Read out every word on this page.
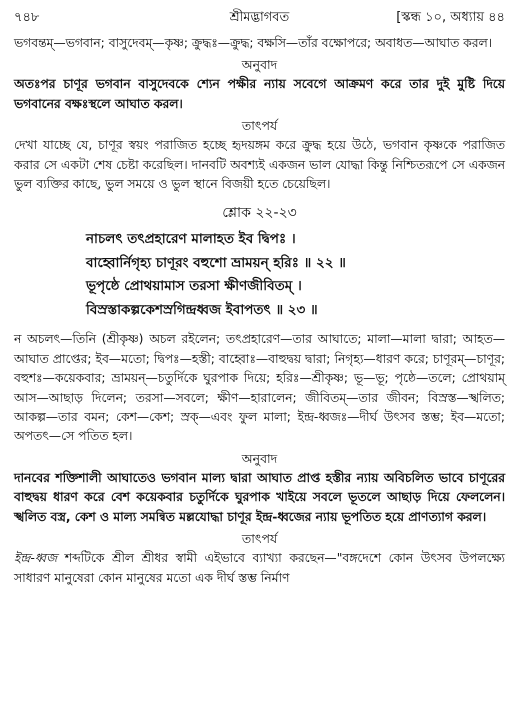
৭৪৮	শ্রীমদ্ভাগবত	[স্কন্ধ ১০, অধ্যায় ৪৪

ভগবন্তম্—ভগবান; বাসুদেবম্—কৃষ্ণ; ক্রুদ্ধঃ—ক্রুদ্ধ; বক্ষসি—তাঁর বক্ষোপরে; অবাধত—আঘাত করল।

অনুবাদ

অতঃপর চাণূর ভগবান বাসুদেবকে শ্যেন পক্ষীর ন্যায় সবেগে আক্রমণ করে তার দুই মুষ্টি দিয়ে ভগবানের বক্ষঃস্থলে আঘাত করল।

তাৎপর্য

দেখা যাচ্ছে যে, চাণূর স্বয়ং পরাজিত হচ্ছে হৃদয়ঙ্গম করে ক্রুদ্ধ হয়ে উঠে, ভগবান কৃষ্ণকে পরাজিত করার সে একটা শেষ চেষ্টা করেছিল। দানবটি অবশ্যই একজন ভাল যোদ্ধা কিন্তু নিশ্চিতরূপে সে একজন ভুল ব্যক্তির কাছে, ভুল সময়ে ও ভুল স্থানে বিজয়ী হতে চেয়েছিল।

শ্লোক ২২-২৩
নাচলৎ তৎপ্রহারেণ মালাহত ইব দ্বিপঃ ।
বাহ্বোর্নিগৃহ্য চাণূরং বহুশো ভ্রাময়ন্ হরিঃ ॥ ২২ ॥
ভূপৃষ্ঠে প্রোথয়ামাস তরসা ক্ষীণজীবিতম্ ।
বিস্রস্তাকল্পকেশস্রগিন্দ্রধ্বজ ইবাপতৎ ॥ ২৩ ॥

ন অচলৎ—তিনি (শ্রীকৃষ্ণ) অচল রইলেন; তৎপ্রহারেণ—তার আঘাতে; মালা—মালা দ্বারা; আহত—আঘাত প্রাপ্তের; ইব—মতো; দ্বিপঃ—হস্তী; বাহ্বোঃ—বাহুদ্বয় দ্বারা; নিগৃহ্য—ধারণ করে; চাণূরম্—চাণূর; বহুশঃ—কয়েকবার; ভ্রাময়ন্—চতুর্দিকে ঘুরপাক দিয়ে; হরিঃ—শ্রীকৃষ্ণ; ভূ—ভূ; পৃষ্ঠে—তলে; প্রোথয়াম্ আস—আছাড় দিলেন; তরসা—সবলে; ক্ষীণ—হারালেন; জীবিতম্—তার জীবন; বিস্রস্ত—স্খলিত; আকল্প—তার বমন; কেশ—কেশ; স্রক্—এবং ফুল মালা; ইন্দ্র-ধ্বজঃ—দীর্ঘ উৎসব স্তম্ভ; ইব—মতো; অপতৎ—সে পতিত হল।

অনুবাদ

দানবের শক্তিশালী আঘাতেও ভগবান মাল্য দ্বারা আঘাত প্রাপ্ত হস্তীর ন্যায় অবিচলিত ভাবে চাণূরের বাহুদ্বয় ধারণ করে বেশ কয়েকবার চতুর্দিকে ঘুরপাক খাইয়ে সবলে ভূতলে আছাড় দিয়ে ফেললেন। স্খলিত বস্ত্র, কেশ ও মাল্য সমন্বিত মল্লযোদ্ধা চাণূর ইন্দ্র-ধ্বজের ন্যায় ভূপতিত হয়ে প্রাণত্যাগ করল।

তাৎপর্য

ইন্দ্র-ধ্বজ শব্দটিকে শ্রীল শ্রীধর স্বামী এইভাবে ব্যাখ্যা করছেন—"বঙ্গদেশে কোন উৎসব উপলক্ষ্যে সাধারণ মানুষেরা কোন মানুষের মতো এক দীর্ঘ স্তম্ভ নির্মাণ
